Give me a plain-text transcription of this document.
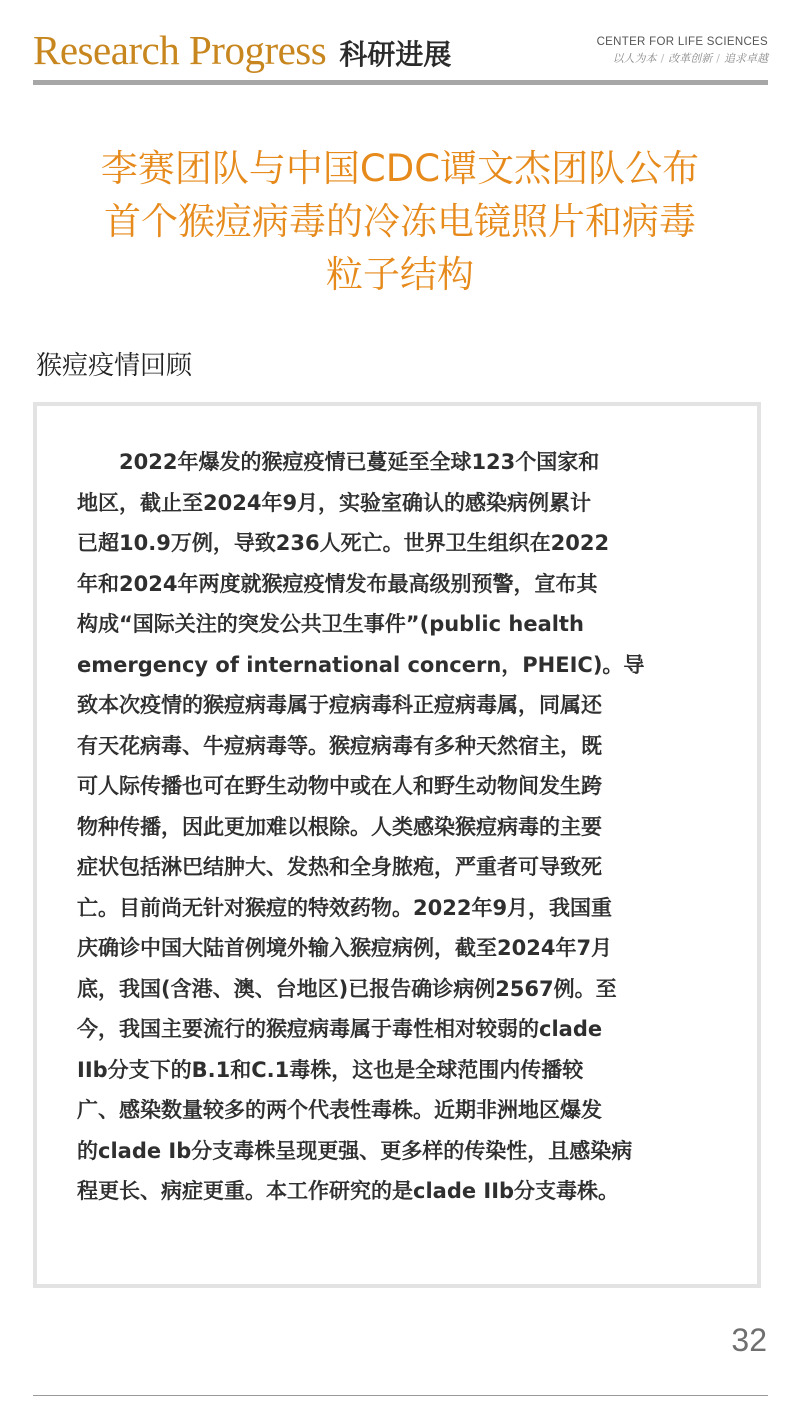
Research Progress 科研进展	CENTER FOR LIFE SCIENCES
以人为本 / 改革创新 / 追求卓越
李赛团队与中国CDC谭文杰团队公布
首个猴痘病毒的冷冻电镜照片和病毒
粒子结构
猴痘疫情回顾
2022年爆发的猴痘疫情已蔓延至全球123个国家和
地区，截止至2024年9月，实验室确认的感染病例累计
已超10.9万例，导致236人死亡。世界卫生组织在2022
年和2024年两度就猴痘疫情发布最高级别预警，宣布其
构成“国际关注的突发公共卫生事件”(public health
emergency of international concern，PHEIC)。导
致本次疫情的猴痘病毒属于痘病毒科正痘病毒属，同属还
有天花病毒、牛痘病毒等。猴痘病毒有多种天然宿主，既
可人际传播也可在野生动物中或在人和野生动物间发生跨
物种传播，因此更加难以根除。人类感染猴痘病毒的主要
症状包括淋巴结肿大、发热和全身脓疱，严重者可导致死
亡。目前尚无针对猴痘的特效药物。2022年9月，我国重
庆确诊中国大陆首例境外输入猴痘病例，截至2024年7月
底，我国(含港、澳、台地区)已报告确诊病例2567例。至
今，我国主要流行的猴痘病毒属于毒性相对较弱的clade
IIb分支下的B.1和C.1毒株，这也是全球范围内传播较
广、感染数量较多的两个代表性毒株。近期非洲地区爆发
的clade Ib分支毒株呈现更强、更多样的传染性，且感染病
程更长、病症更重。本工作研究的是clade IIb分支毒株。
32
